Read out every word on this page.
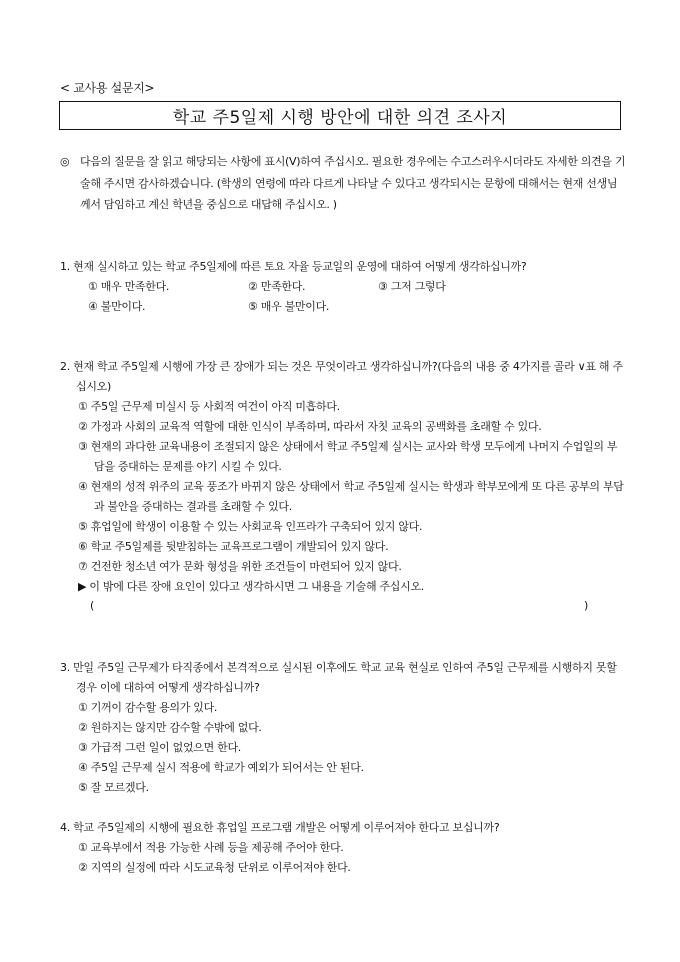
< 교사용 설문지>
학교 주5일제 시행 방안에 대한 의견 조사지
◎ 다음의 질문을 잘 읽고 해당되는 사항에 표시(V)하여 주십시오. 필요한 경우에는 수고스러우시더라도 자세한 의견을 기술해 주시면 감사하겠습니다. (학생의 연령에 따라 다르게 나타날 수 있다고 생각되시는 문항에 대해서는 현재 선생님께서 담임하고 계신 학년을 중심으로 대답해 주십시오. )
1. 현재 실시하고 있는 학교 주5일제에 따른 토요 자율 등교일의 운영에 대하여 어떻게 생각하십니까?
① 매우 만족한다.	② 만족한다.	③ 그저 그렇다
④ 불만이다.	⑤ 매우 불만이다.
2. 현재 학교 주5일제 시행에 가장 큰 장애가 되는 것은 무엇이라고 생각하십니까?(다음의 내용 중 4가지를 골라 ∨표 해 주십시오)
① 주5일 근무제 미실시 등 사회적 여건이 아직 미흡하다.
② 가정과 사회의 교육적 역할에 대한 인식이 부족하며, 따라서 자칫 교육의 공백화를 초래할 수 있다.
③ 현재의 과다한 교육내용이 조절되지 않은 상태에서 학교 주5일제 실시는 교사와 학생 모두에게 나머지 수업일의 부담을 증대하는 문제를 야기 시킬 수 있다.
④ 현재의 성적 위주의 교육 풍조가 바뀌지 않은 상태에서 학교 주5일제 실시는 학생과 학부모에게 또 다른 공부의 부담과 불안을 증대하는 결과를 초래할 수 있다.
⑤ 휴업일에 학생이 이용할 수 있는 사회교육 인프라가 구축되어 있지 않다.
⑥ 학교 주5일제를 뒷받침하는 교육프로그램이 개발되어 있지 않다.
⑦ 건전한 청소년 여가 문화 형성을 위한 조건들이 마련되어 있지 않다.
▶ 이 밖에 다른 장애 요인이 있다고 생각하시면 그 내용을 기술해 주십시오.
(	)
3. 만일 주5일 근무제가 타직종에서 본격적으로 실시된 이후에도 학교 교육 현실로 인하여 주5일 근무제를 시행하지 못할 경우 이에 대하여 어떻게 생각하십니까?
① 기꺼이 감수할 용의가 있다.
② 원하지는 않지만 감수할 수밖에 없다.
③ 가급적 그런 일이 없었으면 한다.
④ 주5일 근무제 실시 적용에 학교가 예외가 되어서는 안 된다.
⑤ 잘 모르겠다.
4. 학교 주5일제의 시행에 필요한 휴업일 프로그램 개발은 어떻게 이루어져야 한다고 보십니까?
① 교육부에서 적용 가능한 사례 등을 제공해 주어야 한다.
② 지역의 실정에 따라 시도교육청 단위로 이루어져야 한다.
